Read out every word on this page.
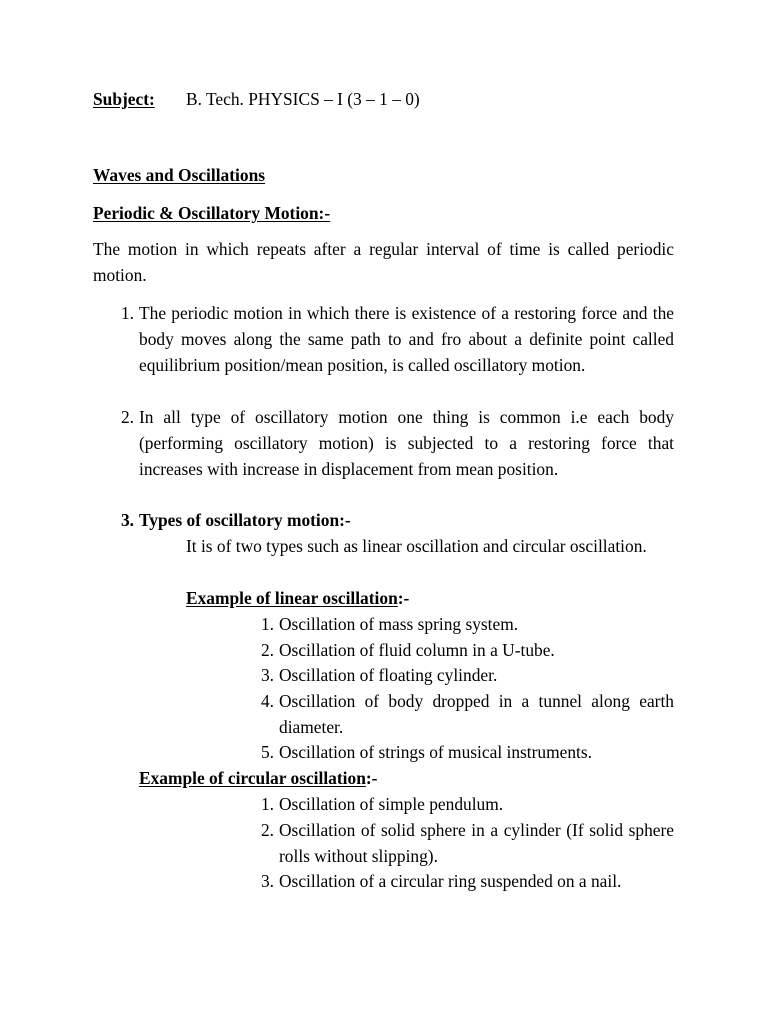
Subject: B. Tech. PHYSICS – I (3 – 1 – 0)
Waves and Oscillations
Periodic & Oscillatory Motion:-
The motion in which repeats after a regular interval of time is called periodic motion.
1. The periodic motion in which there is existence of a restoring force and the body moves along the same path to and fro about a definite point called equilibrium position/mean position, is called oscillatory motion.
2. In all type of oscillatory motion one thing is common i.e each body (performing oscillatory motion) is subjected to a restoring force that increases with increase in displacement from mean position.
3. Types of oscillatory motion:-
It is of two types such as linear oscillation and circular oscillation.
Example of linear oscillation:-
1. Oscillation of mass spring system.
2. Oscillation of fluid column in a U-tube.
3. Oscillation of floating cylinder.
4. Oscillation of body dropped in a tunnel along earth diameter.
5. Oscillation of strings of musical instruments.
Example of circular oscillation:-
1. Oscillation of simple pendulum.
2. Oscillation of solid sphere in a cylinder (If solid sphere rolls without slipping).
3. Oscillation of a circular ring suspended on a nail.
